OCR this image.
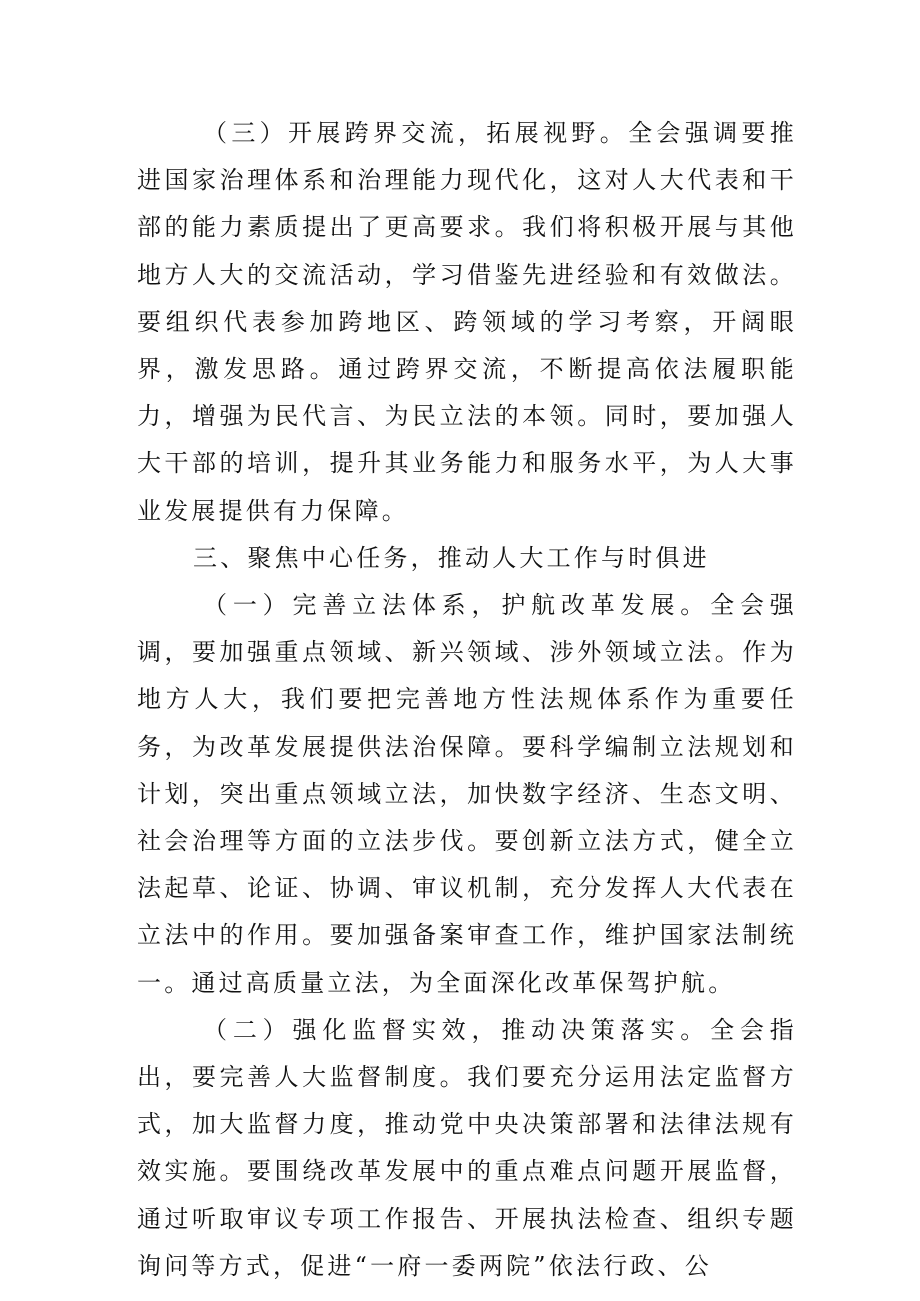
（三）开展跨界交流，拓展视野。全会强调要推进国家治理体系和治理能力现代化，这对人大代表和干部的能力素质提出了更高要求。我们将积极开展与其他地方人大的交流活动，学习借鉴先进经验和有效做法。要组织代表参加跨地区、跨领域的学习考察，开阔眼界，激发思路。通过跨界交流，不断提高依法履职能力，增强为民代言、为民立法的本领。同时，要加强人大干部的培训，提升其业务能力和服务水平，为人大事业发展提供有力保障。

三、聚焦中心任务，推动人大工作与时俱进

（一）完善立法体系，护航改革发展。全会强调，要加强重点领域、新兴领域、涉外领域立法。作为地方人大，我们要把完善地方性法规体系作为重要任务，为改革发展提供法治保障。要科学编制立法规划和计划，突出重点领域立法，加快数字经济、生态文明、社会治理等方面的立法步伐。要创新立法方式，健全立法起草、论证、协调、审议机制，充分发挥人大代表在立法中的作用。要加强备案审查工作，维护国家法制统一。通过高质量立法，为全面深化改革保驾护航。

（二）强化监督实效，推动决策落实。全会指出，要完善人大监督制度。我们要充分运用法定监督方式，加大监督力度，推动党中央决策部署和法律法规有效实施。要围绕改革发展中的重点难点问题开展监督，通过听取审议专项工作报告、开展执法检查、组织专题询问等方式，促进“一府一委两院”依法行政、公
